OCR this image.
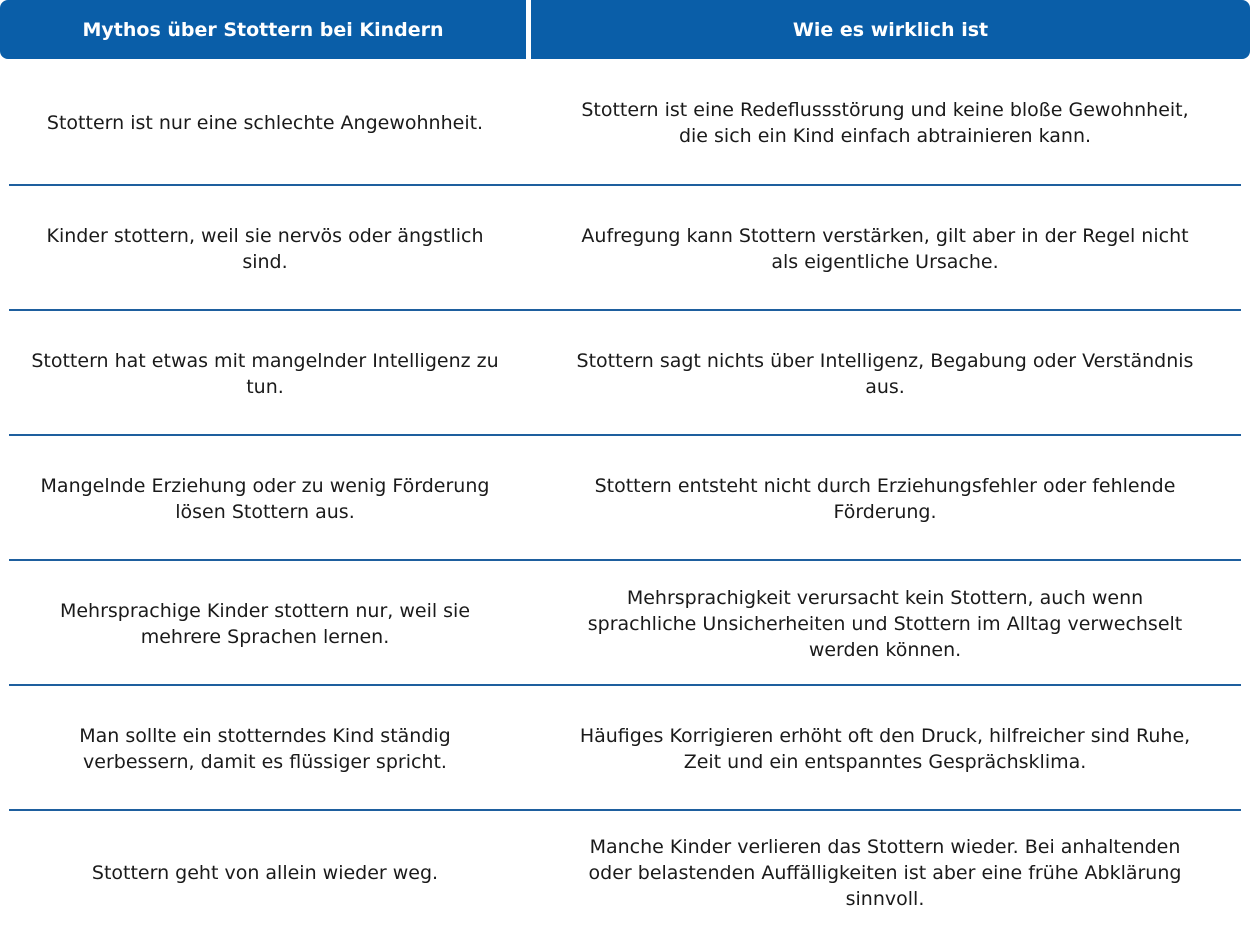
Mythos über Stottern bei Kindern	Wie es wirklich ist
Stottern ist nur eine schlechte Angewohnheit.
Stottern ist eine Redeflussstörung und keine bloße Gewohnheit, die sich ein Kind einfach abtrainieren kann.
Kinder stottern, weil sie nervös oder ängstlich sind.
Aufregung kann Stottern verstärken, gilt aber in der Regel nicht als eigentliche Ursache.
Stottern hat etwas mit mangelnder Intelligenz zu tun.
Stottern sagt nichts über Intelligenz, Begabung oder Verständnis aus.
Mangelnde Erziehung oder zu wenig Förderung lösen Stottern aus.
Stottern entsteht nicht durch Erziehungsfehler oder fehlende Förderung.
Mehrsprachige Kinder stottern nur, weil sie mehrere Sprachen lernen.
Mehrsprachigkeit verursacht kein Stottern, auch wenn sprachliche Unsicherheiten und Stottern im Alltag verwechselt werden können.
Man sollte ein stotterndes Kind ständig verbessern, damit es flüssiger spricht.
Häufiges Korrigieren erhöht oft den Druck, hilfreicher sind Ruhe, Zeit und ein entspanntes Gesprächsklima.
Stottern geht von allein wieder weg.
Manche Kinder verlieren das Stottern wieder. Bei anhaltenden oder belastenden Auffälligkeiten ist aber eine frühe Abklärung sinnvoll.
